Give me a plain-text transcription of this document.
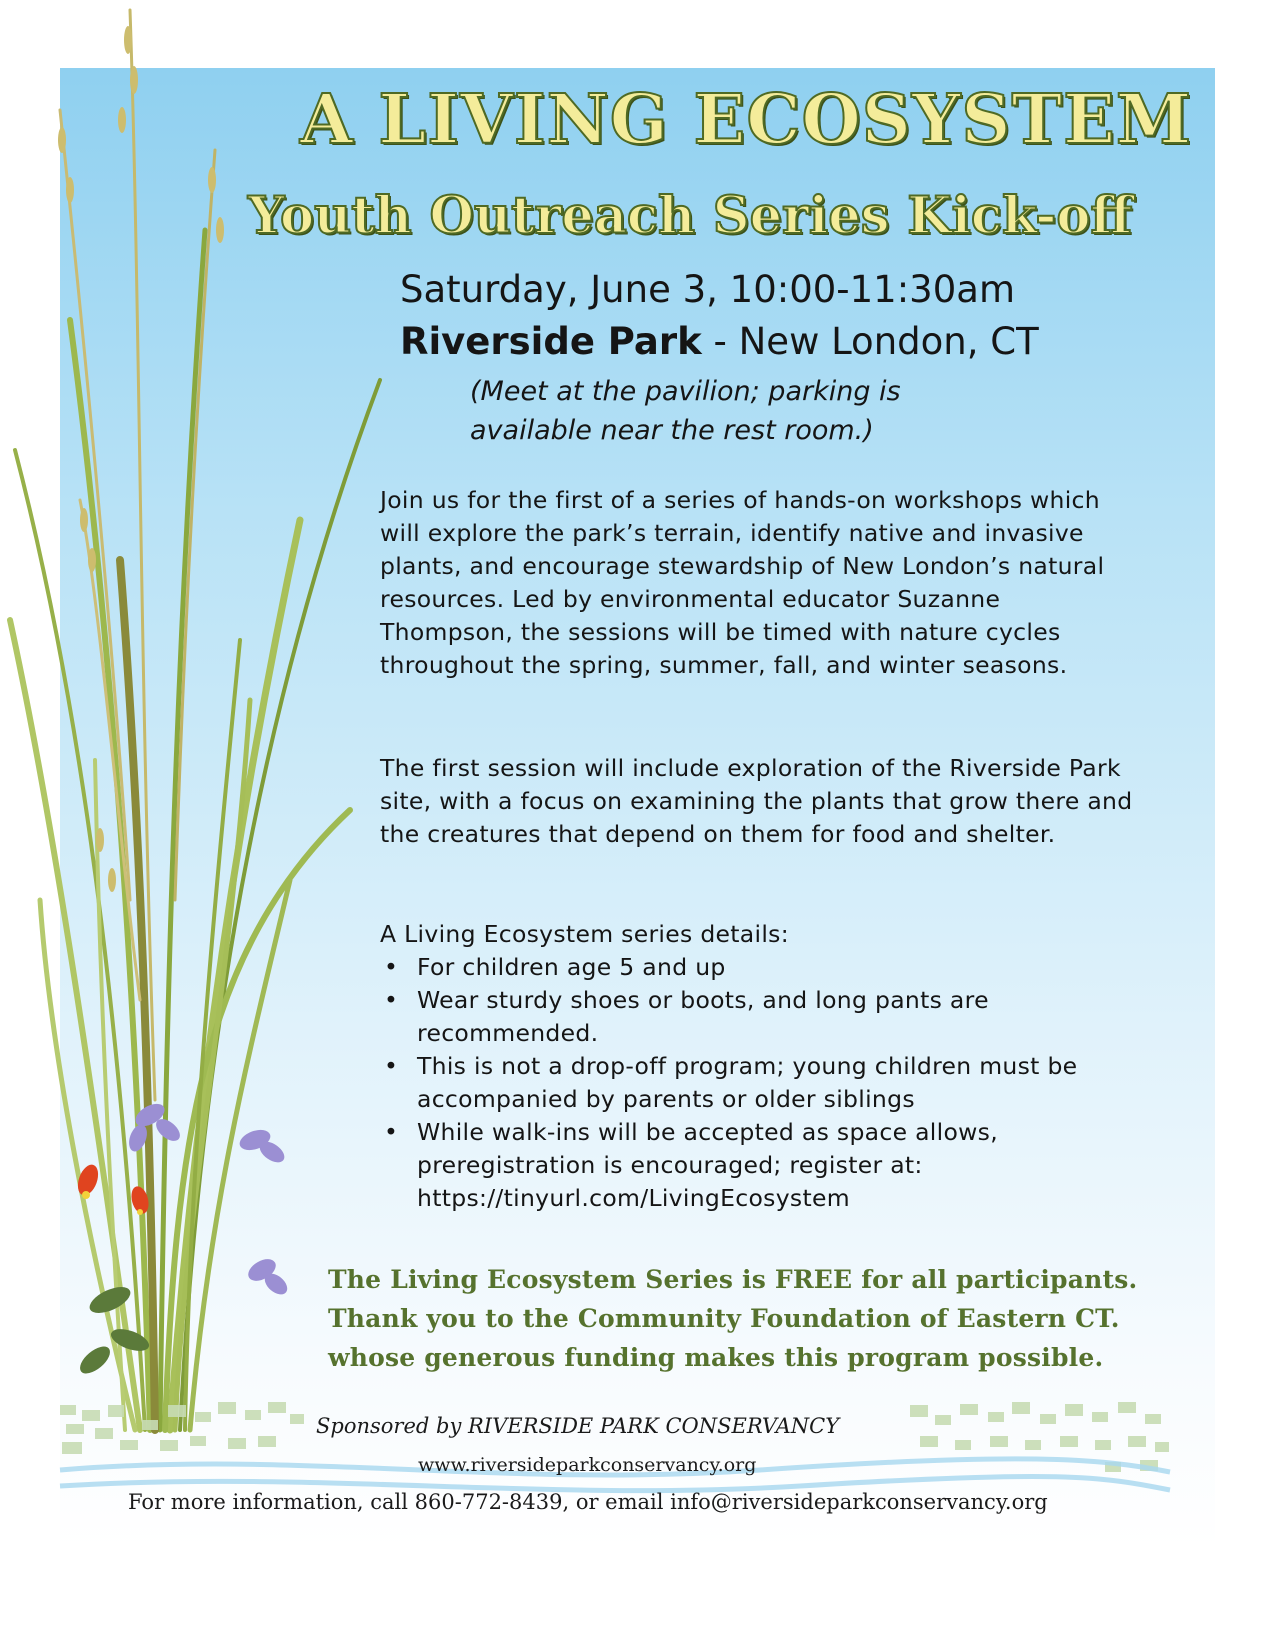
A LIVING ECOSYSTEM
Youth Outreach Series Kick-off

Saturday, June 3, 10:00-11:30am

Riverside Park - New London, CT

(Meet at the pavilion; parking is available near the rest room.)

Join us for the first of a series of hands-on workshops which will explore the park’s terrain, identify native and invasive plants, and encourage stewardship of New London’s natural resources. Led by environmental educator Suzanne Thompson, the sessions will be timed with nature cycles throughout the spring, summer, fall, and winter seasons.

The first session will include exploration of the Riverside Park site, with a focus on examining the plants that grow there and the creatures that depend on them for food and shelter.

A Living Ecosystem series details:

• For children age 5 and up
• Wear sturdy shoes or boots, and long pants are recommended.
• This is not a drop-off program; young children must be accompanied by parents or older siblings
• While walk-ins will be accepted as space allows, preregistration is encouraged; register at: https://tinyurl.com/LivingEcosystem
The Living Ecosystem Series is FREE for all participants.
Thank you to the Community Foundation of Eastern CT.
whose generous funding makes this program possible.

Sponsored by RIVERSIDE PARK CONSERVANCY

www.riversideparkconservancy.org

For more information, call 860-772-8439, or email info@riversideparkconservancy.org
